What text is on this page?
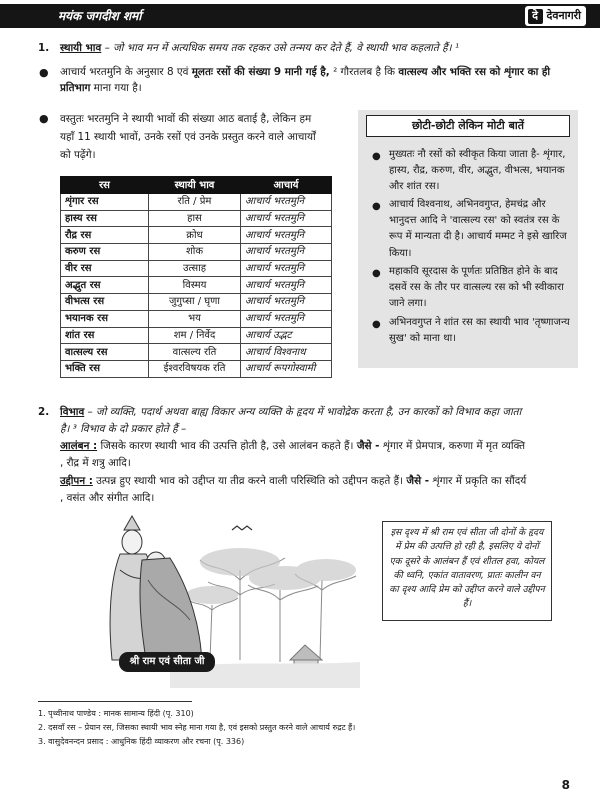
मयंक जगदीश शर्मा	दे देवनागरी
1. स्थायी भाव – जो भाव मन में अत्यधिक समय तक रहकर उसे तन्मय कर देते हैं, वे स्थायी भाव कहलाते हैं। ¹
● आचार्य भरतमुनि के अनुसार 8 एवं मूलतः रसों की संख्या 9 मानी गई है, ² गौरतलब है कि वात्सल्य और भक्ति रस को शृंगार का ही प्रतिभाग माना गया है।
● वस्तुतः भरतमुनि ने स्थायी भावों की संख्या आठ बताई है, लेकिन हम
यहाँ 11 स्थायी भावों, उनके रसों एवं उनके प्रस्तुत करने वाले आचार्यों
को पढ़ेंगे।
रस	स्थायी भाव	आचार्य
शृंगार रस	रति / प्रेम	आचार्य भरतमुनि
हास्य रस	हास	आचार्य भरतमुनि
रौद्र रस	क्रोध	आचार्य भरतमुनि
करुण रस	शोक	आचार्य भरतमुनि
वीर रस	उत्साह	आचार्य भरतमुनि
अद्भुत रस	विस्मय	आचार्य भरतमुनि
वीभत्स रस	जुगुप्सा / घृणा	आचार्य भरतमुनि
भयानक रस	भय	आचार्य भरतमुनि
शांत रस	शम / निर्वेद	आचार्य उद्भट
वात्सल्य रस	वात्सल्य रति	आचार्य विश्वनाथ
भक्ति रस	ईश्वरविषयक रति	आचार्य रूपगोस्वामी
छोटी-छोटी लेकिन मोटी बातें
● मुख्यतः नौ रसों को स्वीकृत किया जाता है- शृंगार, हास्य, रौद्र, करुण, वीर, अद्भुत, वीभत्स, भयानक और शांत रस।
● आचार्य विश्वनाथ, अभिनवगुप्त, हेमचंद्र और भानुदत्त आदि ने 'वात्सल्य रस' को स्वतंत्र रस के रूप में मान्यता दी है। आचार्य मम्मट ने इसे खारिज किया।
● महाकवि सूरदास के पूर्णतः प्रतिष्ठित होने के बाद दसवें रस के तौर पर वात्सल्य रस को भी स्वीकारा जाने लगा।
● अभिनवगुप्त ने शांत रस का स्थायी भाव 'तृष्णाजन्य सुख' को माना था।
2. विभाव – जो व्यक्ति, पदार्थ अथवा बाह्य विकार अन्य व्यक्ति के हृदय में भावोद्रेक करता है, उन कारकों को विभाव कहा जाता
है। ³ विभाव के दो प्रकार होते हैं –
आलंबन : जिसके कारण स्थायी भाव की उत्पत्ति होती है, उसे आलंबन कहते हैं। जैसे - शृंगार में प्रेमपात्र, करुणा में मृत व्यक्ति
, रौद्र में शत्रु आदि।
उद्दीपन : उत्पन्न हुए स्थायी भाव को उद्दीप्त या तीव्र करने वाली परिस्थिति को उद्दीपन कहते हैं। जैसे - शृंगार में प्रकृति का सौंदर्य
, वसंत और संगीत आदि।
श्री राम एवं सीता जी
इस दृश्य में श्री राम एवं सीता जी दोनों के हृदय में प्रेम की उत्पत्ति हो रही है, इसलिए ये दोनों एक दूसरे के आलंबन हैं एवं शीतल हवा, कोयल की ध्वनि, एकांत वातावरण, प्रातः कालीन वन का दृश्य आदि प्रेम को उद्दीप्त करने वाले उद्दीपन हैं।
1. पृथ्वीनाथ पाण्डेय : मानक सामान्य हिंदी (पृ. 310)
2. दसवाँ रस – प्रेयान रस, जिसका स्थायी भाव स्नेह माना गया है, एवं इसको प्रस्तुत करने वाले आचार्य रुद्रट हैं।
3. वासुदेवनन्दन प्रसाद : आधुनिक हिंदी व्याकरण और रचना (पृ. 336)
8
